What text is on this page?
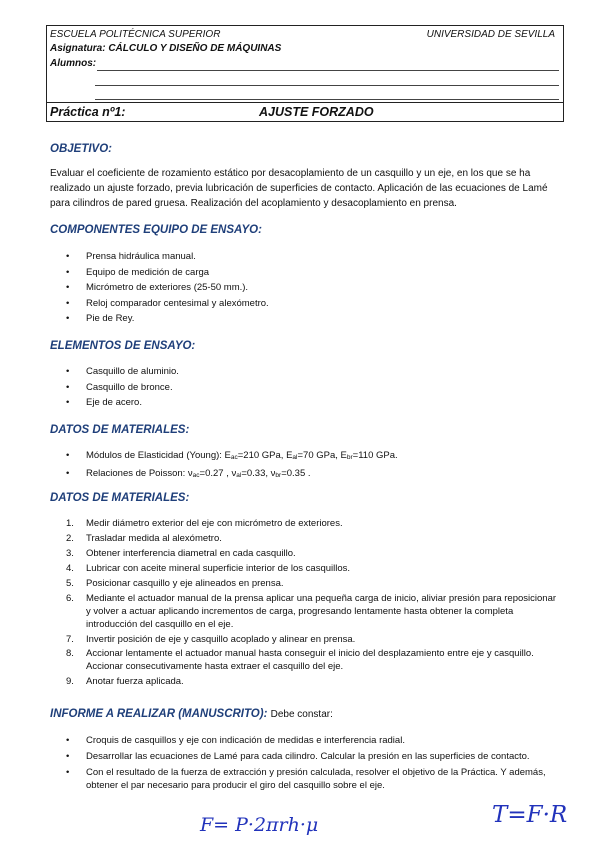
ESCUELA POLITÉCNICA SUPERIOR	UNIVERSIDAD DE SEVILLA
Asignatura: CÁLCULO Y DISEÑO DE MÁQUINAS
Alumnos:
Práctica nº1:	AJUSTE FORZADO
OBJETIVO:
Evaluar el coeficiente de rozamiento estático por desacoplamiento de un casquillo y un eje, en los que se ha realizado un ajuste forzado, previa lubricación de superficies de contacto. Aplicación de las ecuaciones de Lamé para cilindros de pared gruesa. Realización del acoplamiento y desacoplamiento en prensa.
COMPONENTES EQUIPO DE ENSAYO:
• Prensa hidráulica manual.
• Equipo de medición de carga
• Micrómetro de exteriores (25-50 mm.).
• Reloj comparador centesimal y alexómetro.
• Pie de Rey.
ELEMENTOS DE ENSAYO:
• Casquillo de aluminio.
• Casquillo de bronce.
• Eje de acero.
DATOS DE MATERIALES:
• Módulos de Elasticidad (Young): $E_{ac}=210$ GPa, $E_{al}=70$ GPa, $E_{br}=110$ GPa.
• Relaciones de Poisson: $\nu_{ac}=0.27$ , $\nu_{al}=0.33$, $\nu_{br}=0.35$ .
DATOS DE MATERIALES:
1. Medir diámetro exterior del eje con micrómetro de exteriores.
2. Trasladar medida al alexómetro.
3. Obtener interferencia diametral en cada casquillo.
4. Lubricar con aceite mineral superficie interior de los casquillos.
5. Posicionar casquillo y eje alineados en prensa.
6. Mediante el actuador manual de la prensa aplicar una pequeña carga de inicio, aliviar presión para reposicionar y volver a actuar aplicando incrementos de carga, progresando lentamente hasta obtener la completa introducción del casquillo en el eje.
7. Invertir posición de eje y casquillo acoplado y alinear en prensa.
8. Accionar lentamente el actuador manual hasta conseguir el inicio del desplazamiento entre eje y casquillo. Accionar consecutivamente hasta extraer el casquillo del eje.
9. Anotar fuerza aplicada.
INFORME A REALIZAR (MANUSCRITO): Debe constar:
• Croquis de casquillos y eje con indicación de medidas e interferencia radial.
• Desarrollar las ecuaciones de Lamé para cada cilindro. Calcular la presión en las superficies de contacto.
• Con el resultado de la fuerza de extracción y presión calculada, resolver el objetivo de la Práctica. Y además, obtener el par necesario para producir el giro del casquillo sobre el eje.
F= P·2πrh·μ	T=F·R
